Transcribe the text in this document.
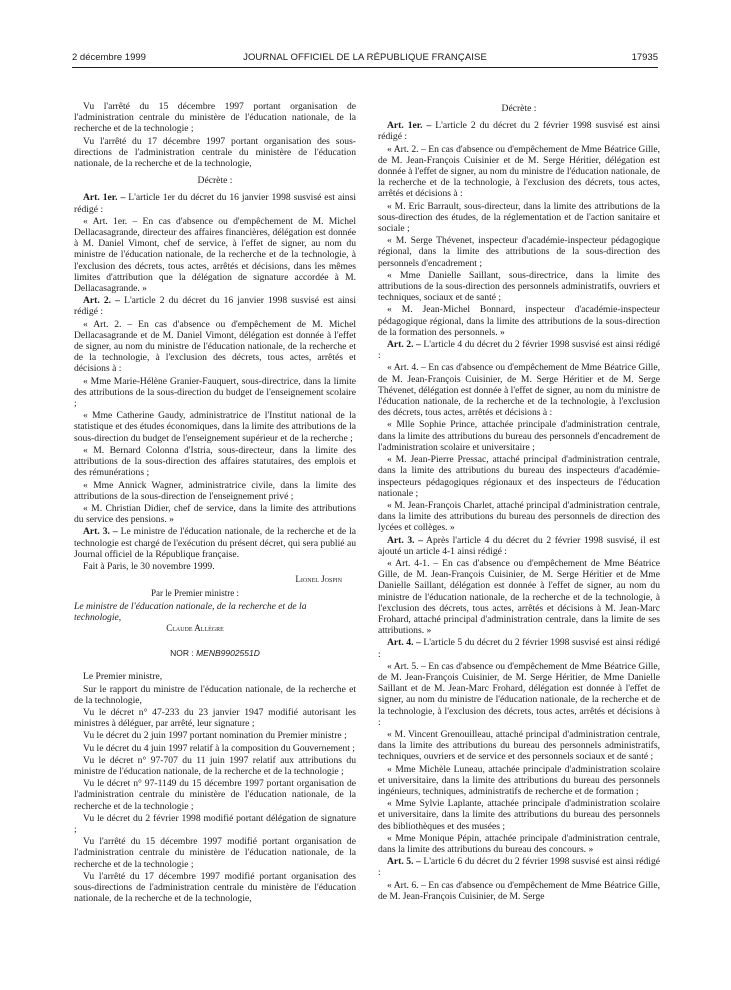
2 décembre 1999	JOURNAL OFFICIEL DE LA RÉPUBLIQUE FRANÇAISE	17935

Vu l'arrêté du 15 décembre 1997 portant organisation de l'administration centrale du ministère de l'éducation nationale, de la recherche et de la technologie ;

Vu l'arrêté du 17 décembre 1997 portant organisation des sous-directions de l'administration centrale du ministère de l'éducation nationale, de la recherche et de la technologie,

Décrète :

Art. 1er. – L'article 1er du décret du 16 janvier 1998 susvisé est ainsi rédigé :

« Art. 1er. – En cas d'absence ou d'empêchement de M. Michel Dellacasagrande, directeur des affaires financières, délégation est donnée à M. Daniel Vimont, chef de service, à l'effet de signer, au nom du ministre de l'éducation nationale, de la recherche et de la technologie, à l'exclusion des décrets, tous actes, arrêtés et décisions, dans les mêmes limites d'attribution que la délégation de signature accordée à M. Dellacasagrande. »

Art. 2. – L'article 2 du décret du 16 janvier 1998 susvisé est ainsi rédigé :

« Art. 2. – En cas d'absence ou d'empêchement de M. Michel Dellacasagrande et de M. Daniel Vimont, délégation est donnée à l'effet de signer, au nom du ministre de l'éducation nationale, de la recherche et de la technologie, à l'exclusion des décrets, tous actes, arrêtés et décisions à :

« Mme Marie-Hélène Granier-Fauquert, sous-directrice, dans la limite des attributions de la sous-direction du budget de l'enseignement scolaire ;

« Mme Catherine Gaudy, administratrice de l'Institut national de la statistique et des études économiques, dans la limite des attributions de la sous-direction du budget de l'enseignement supérieur et de la recherche ;

« M. Bernard Colonna d'Istria, sous-directeur, dans la limite des attributions de la sous-direction des affaires statutaires, des emplois et des rémunérations ;

« Mme Annick Wagner, administratrice civile, dans la limite des attributions de la sous-direction de l'enseignement privé ;

« M. Christian Didier, chef de service, dans la limite des attributions du service des pensions. »

Art. 3. – Le ministre de l'éducation nationale, de la recherche et de la technologie est chargé de l'exécution du présent décret, qui sera publié au Journal officiel de la République française.

Fait à Paris, le 30 novembre 1999.

Lionel Jospin
Par le Premier ministre :

Le ministre de l'éducation nationale, de la recherche et de la technologie,

Claude Allègre
NOR : MENB9902551D

Le Premier ministre,

Sur le rapport du ministre de l'éducation nationale, de la recherche et de la technologie,

Vu le décret n° 47-233 du 23 janvier 1947 modifié autorisant les ministres à déléguer, par arrêté, leur signature ;

Vu le décret du 2 juin 1997 portant nomination du Premier ministre ;

Vu le décret du 4 juin 1997 relatif à la composition du Gouvernement ;

Vu le décret n° 97-707 du 11 juin 1997 relatif aux attributions du ministre de l'éducation nationale, de la recherche et de la technologie ;

Vu le décret n° 97-1149 du 15 décembre 1997 portant organisation de l'administration centrale du ministère de l'éducation nationale, de la recherche et de la technologie ;

Vu le décret du 2 février 1998 modifié portant délégation de signature ;

Vu l'arrêté du 15 décembre 1997 modifié portant organisation de l'administration centrale du ministère de l'éducation nationale, de la recherche et de la technologie ;

Vu l'arrêté du 17 décembre 1997 modifié portant organisation des sous-directions de l'administration centrale du ministère de l'éducation nationale, de la recherche et de la technologie,

Décrète :

Art. 1er. – L'article 2 du décret du 2 février 1998 susvisé est ainsi rédigé :

« Art. 2. – En cas d'absence ou d'empêchement de Mme Béatrice Gille, de M. Jean-François Cuisinier et de M. Serge Héritier, délégation est donnée à l'effet de signer, au nom du ministre de l'éducation nationale, de la recherche et de la technologie, à l'exclusion des décrets, tous actes, arrêtés et décisions à :

« M. Eric Barrault, sous-directeur, dans la limite des attributions de la sous-direction des études, de la réglementation et de l'action sanitaire et sociale ;

« M. Serge Thévenet, inspecteur d'académie-inspecteur pédagogique régional, dans la limite des attributions de la sous-direction des personnels d'encadrement ;

« Mme Danielle Saillant, sous-directrice, dans la limite des attributions de la sous-direction des personnels administratifs, ouvriers et techniques, sociaux et de santé ;

« M. Jean-Michel Bonnard, inspecteur d'académie-inspecteur pédagogique régional, dans la limite des attributions de la sous-direction de la formation des personnels. »

Art. 2. – L'article 4 du décret du 2 février 1998 susvisé est ainsi rédigé :

« Art. 4. – En cas d'absence ou d'empêchement de Mme Béatrice Gille, de M. Jean-François Cuisinier, de M. Serge Héritier et de M. Serge Thévenet, délégation est donnée à l'effet de signer, au nom du ministre de l'éducation nationale, de la recherche et de la technologie, à l'exclusion des décrets, tous actes, arrêtés et décisions à :

« Mlle Sophie Prince, attachée principale d'administration centrale, dans la limite des attributions du bureau des personnels d'encadrement de l'administration scolaire et universitaire ;

« M. Jean-Pierre Pressac, attaché principal d'administration centrale, dans la limite des attributions du bureau des inspecteurs d'académie-inspecteurs pédagogiques régionaux et des inspecteurs de l'éducation nationale ;

« M. Jean-François Charlet, attaché principal d'administration centrale, dans la limite des attributions du bureau des personnels de direction des lycées et collèges. »

Art. 3. – Après l'article 4 du décret du 2 février 1998 susvisé, il est ajouté un article 4-1 ainsi rédigé :

« Art. 4-1. – En cas d'absence ou d'empêchement de Mme Béatrice Gille, de M. Jean-François Cuisinier, de M. Serge Héritier et de Mme Danielle Saillant, délégation est donnée à l'effet de signer, au nom du ministre de l'éducation nationale, de la recherche et de la technologie, à l'exclusion des décrets, tous actes, arrêtés et décisions à M. Jean-Marc Frohard, attaché principal d'administration centrale, dans la limite de ses attributions. »

Art. 4. – L'article 5 du décret du 2 février 1998 susvisé est ainsi rédigé :

« Art. 5. – En cas d'absence ou d'empêchement de Mme Béatrice Gille, de M. Jean-François Cuisinier, de M. Serge Héritier, de Mme Danielle Saillant et de M. Jean-Marc Frohard, délégation est donnée à l'effet de signer, au nom du ministre de l'éducation nationale, de la recherche et de la technologie, à l'exclusion des décrets, tous actes, arrêtés et décisions à :

« M. Vincent Grenouilleau, attaché principal d'administration centrale, dans la limite des attributions du bureau des personnels administratifs, techniques, ouvriers et de service et des personnels sociaux et de santé ;

« Mme Michèle Luneau, attachée principale d'administration scolaire et universitaire, dans la limite des attributions du bureau des personnels ingénieurs, techniques, administratifs de recherche et de formation ;

« Mme Sylvie Laplante, attachée principale d'administration scolaire et universitaire, dans la limite des attributions du bureau des personnels des bibliothèques et des musées ;

« Mme Monique Pépin, attachée principale d'administration centrale, dans la limite des attributions du bureau des concours. »

Art. 5. – L'article 6 du décret du 2 février 1998 susvisé est ainsi rédigé :

« Art. 6. – En cas d'absence ou d'empêchement de Mme Béatrice Gille, de M. Jean-François Cuisinier, de M. Serge
